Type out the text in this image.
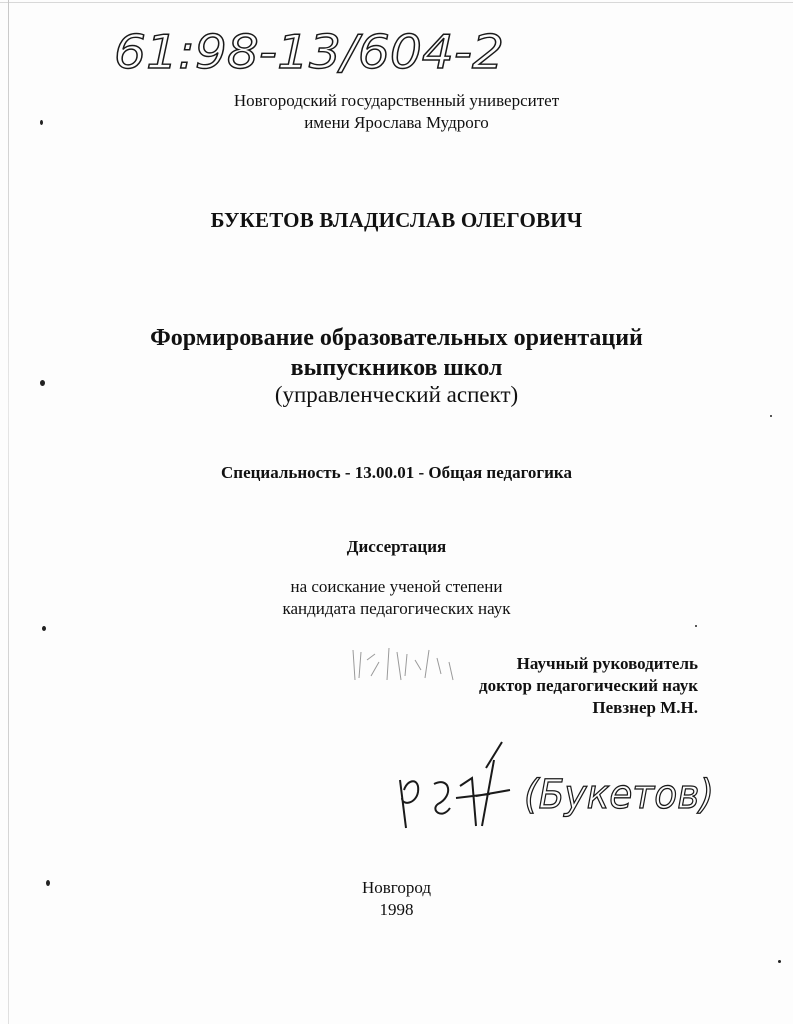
61:98-13/604-2
Новгородский государственный университет
имени Ярослава Мудрого
БУКЕТОВ ВЛАДИСЛАВ ОЛЕГОВИЧ
Формирование образовательных ориентаций
выпускников школ
(управленческий аспект)
Специальность - 13.00.01 - Общая педагогика
Диссертация
на соискание ученой степени
кандидата педагогических наук
Научный руководитель
доктор педагогический наук
Певзнер М.Н.
(Букетов)
Новгород
1998
